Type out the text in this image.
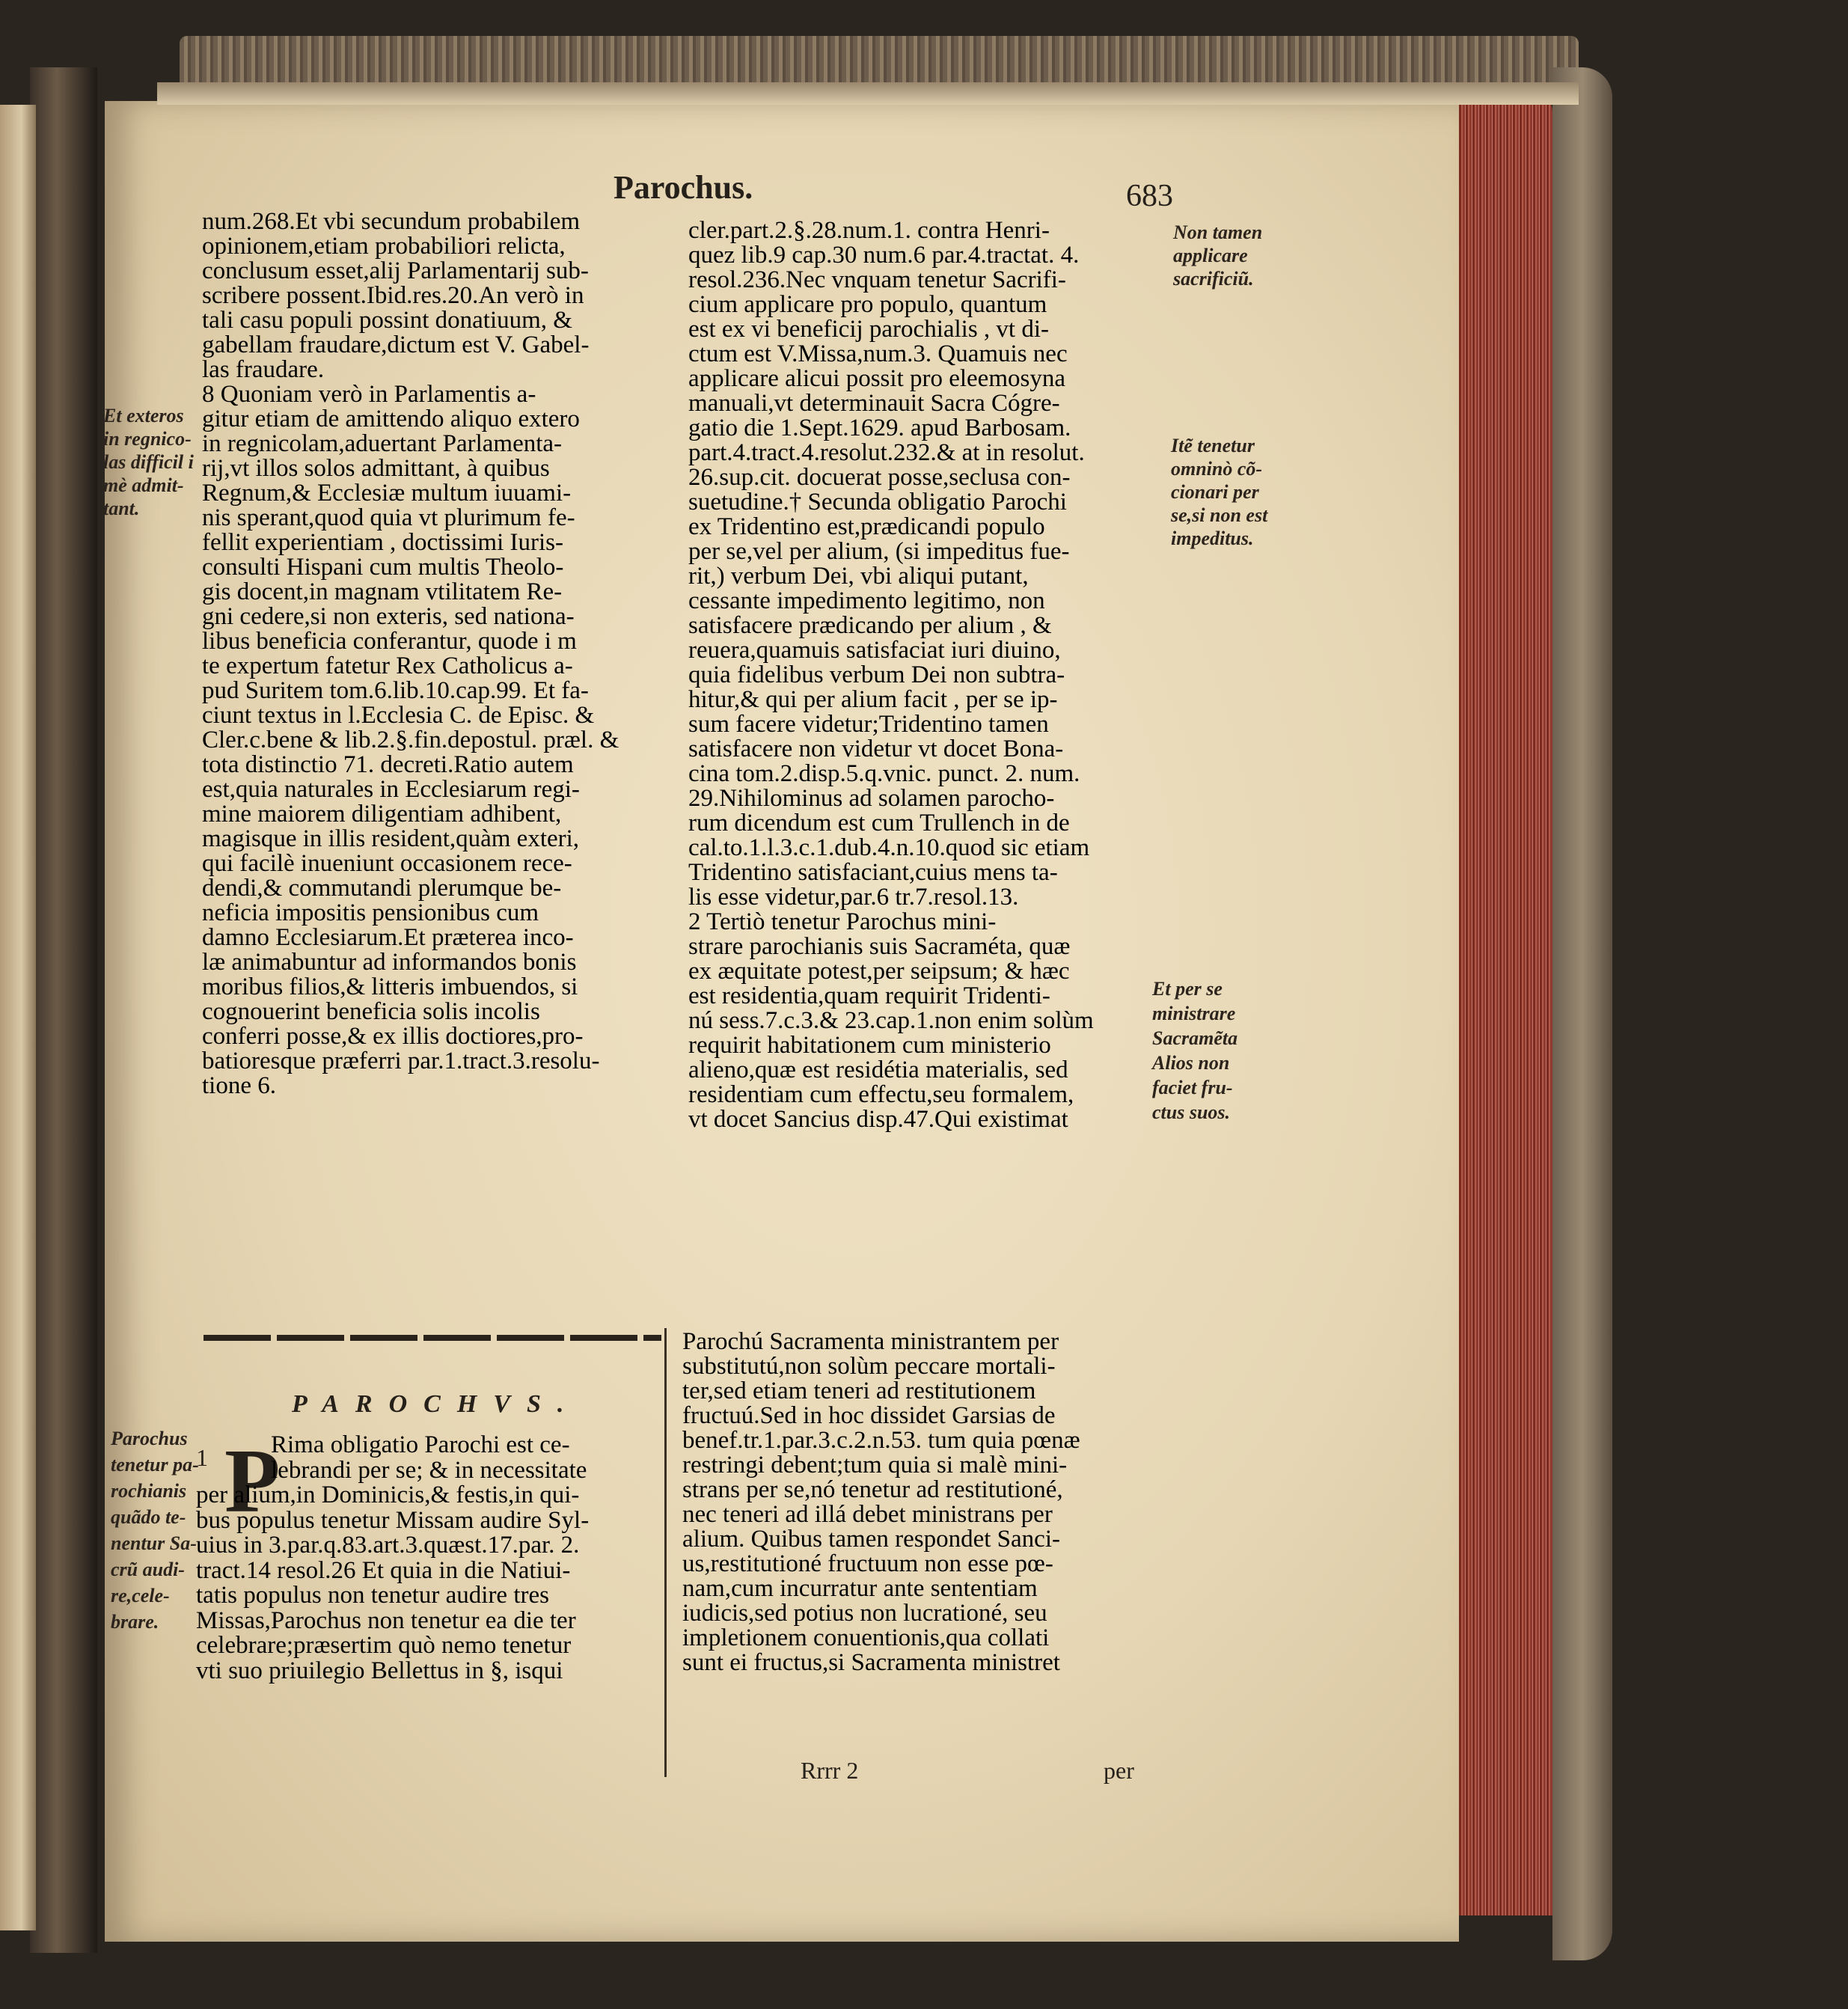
Parochus.	683
num.268.Et vbi secundum probabilem
opinionem,etiam probabiliori relicta,
conclusum esset,alij Parlamentarij sub-
scribere possent.Ibid.res.20.An verò in
tali casu populi possint donatiuum, &
gabellam fraudare,dictum est V. Gabel-
las fraudare.
8 Quoniam verò in Parlamentis a-
gitur etiam de amittendo aliquo extero
in regnicolam,aduertant Parlamenta-
rij,vt illos solos admittant, à quibus
Regnum,& Ecclesiæ multum iuuami-
nis sperant,quod quia vt plurimum fe-
fellit experientiam , doctissimi Iuris-
consulti Hispani cum multis Theolo-
gis docent,in magnam vtilitatem Re-
gni cedere,si non exteris, sed nationa-
libus beneficia conferantur, quode i m
te expertum fatetur Rex Catholicus a-
pud Suritem tom.6.lib.10.cap.99. Et fa-
ciunt textus in l.Ecclesia C. de Episc. &
Cler.c.bene & lib.2.§.fin.depostul. præl. &
tota distinctio 71. decreti.Ratio autem
est,quia naturales in Ecclesiarum regi-
mine maiorem diligentiam adhibent,
magisque in illis resident,quàm exteri,
qui facilè inueniunt occasionem rece-
dendi,& commutandi plerumque be-
neficia impositis pensionibus cum
damno Ecclesiarum.Et præterea inco-
læ animabuntur ad informandos bonis
moribus filios,& litteris imbuendos, si
cognouerint beneficia solis incolis
conferri posse,& ex illis doctiores,pro-
batioresque præferri par.1.tract.3.resolu-
tione 6.
cler.part.2.§.28.num.1. contra Henri-
quez lib.9 cap.30 num.6 par.4.tractat. 4.
resol.236.Nec vnquam tenetur Sacrifi-
cium applicare pro populo, quantum
est ex vi beneficij parochialis , vt di-
ctum est V.Missa,num.3. Quamuis nec
applicare alicui possit pro eleemosyna
manuali,vt determinauit Sacra Cógre-
gatio die 1.Sept.1629. apud Barbosam.
part.4.tract.4.resolut.232.& at in resolut.
26.sup.cit. docuerat posse,seclusa con-
suetudine.† Secunda obligatio Parochi
ex Tridentino est,prædicandi populo
per se,vel per alium, (si impeditus fue-
rit,) verbum Dei, vbi aliqui putant,
cessante impedimento legitimo, non
satisfacere prædicando per alium , &
reuera,quamuis satisfaciat iuri diuino,
quia fidelibus verbum Dei non subtra-
hitur,& qui per alium facit , per se ip-
sum facere videtur;Tridentino tamen
satisfacere non videtur vt docet Bona-
cina tom.2.disp.5.q.vnic. punct. 2. num.
29.Nihilominus ad solamen parocho-
rum dicendum est cum Trullench in de
cal.to.1.l.3.c.1.dub.4.n.10.quod sic etiam
Tridentino satisfaciant,cuius mens ta-
lis esse videtur,par.6 tr.7.resol.13.
2 Tertiò tenetur Parochus mini-
strare parochianis suis Sacraméta, quæ
ex æquitate potest,per seipsum; & hæc
est residentia,quam requirit Tridenti-
nú sess.7.c.3.& 23.cap.1.non enim solùm
requirit habitationem cum ministerio
alieno,quæ est residétia materialis, sed
residentiam cum effectu,seu formalem,
vt docet Sancius disp.47.Qui existimat
PAROCHVS.
1 P
Rima obligatio Parochi est ce-
lebrandi per se; & in necessitate
per alium,in Dominicis,& festis,in qui-
bus populus tenetur Missam audire Syl-
uius in 3.par.q.83.art.3.quæst.17.par. 2.
tract.14 resol.26 Et quia in die Natiui-
tatis populus non tenetur audire tres
Missas,Parochus non tenetur ea die ter
celebrare;præsertim quò nemo tenetur
vti suo priuilegio Bellettus in §, isqui
Parochú Sacramenta ministrantem per
substitutú,non solùm peccare mortali-
ter,sed etiam teneri ad restitutionem
fructuú.Sed in hoc dissidet Garsias de
benef.tr.1.par.3.c.2.n.53. tum quia pœnæ
restringi debent;tum quia si malè mini-
strans per se,nó tenetur ad restitutioné,
nec teneri ad illá debet ministrans per
alium. Quibus tamen respondet Sanci-
us,restitutioné fructuum non esse pœ-
nam,cum incurratur ante sententiam
iudicis,sed potius non lucrationé, seu
impletionem conuentionis,qua collati
sunt ei fructus,si Sacramenta ministret
Et exteros
in regnico-
las difficil i
mè admit-
tant.
Parochus
tenetur pa-
rochianis
quãdo te-
nentur Sa-
crũ audi-
re,cele-
brare.
Non tamen
applicare
sacrificiũ.
Itẽ tenetur
omninò cõ-
cionari per
se,si non est
impeditus.
Et per se
ministrare
Sacramẽta
Alios non
faciet fru-
ctus suos.
Rrrr 2	per
